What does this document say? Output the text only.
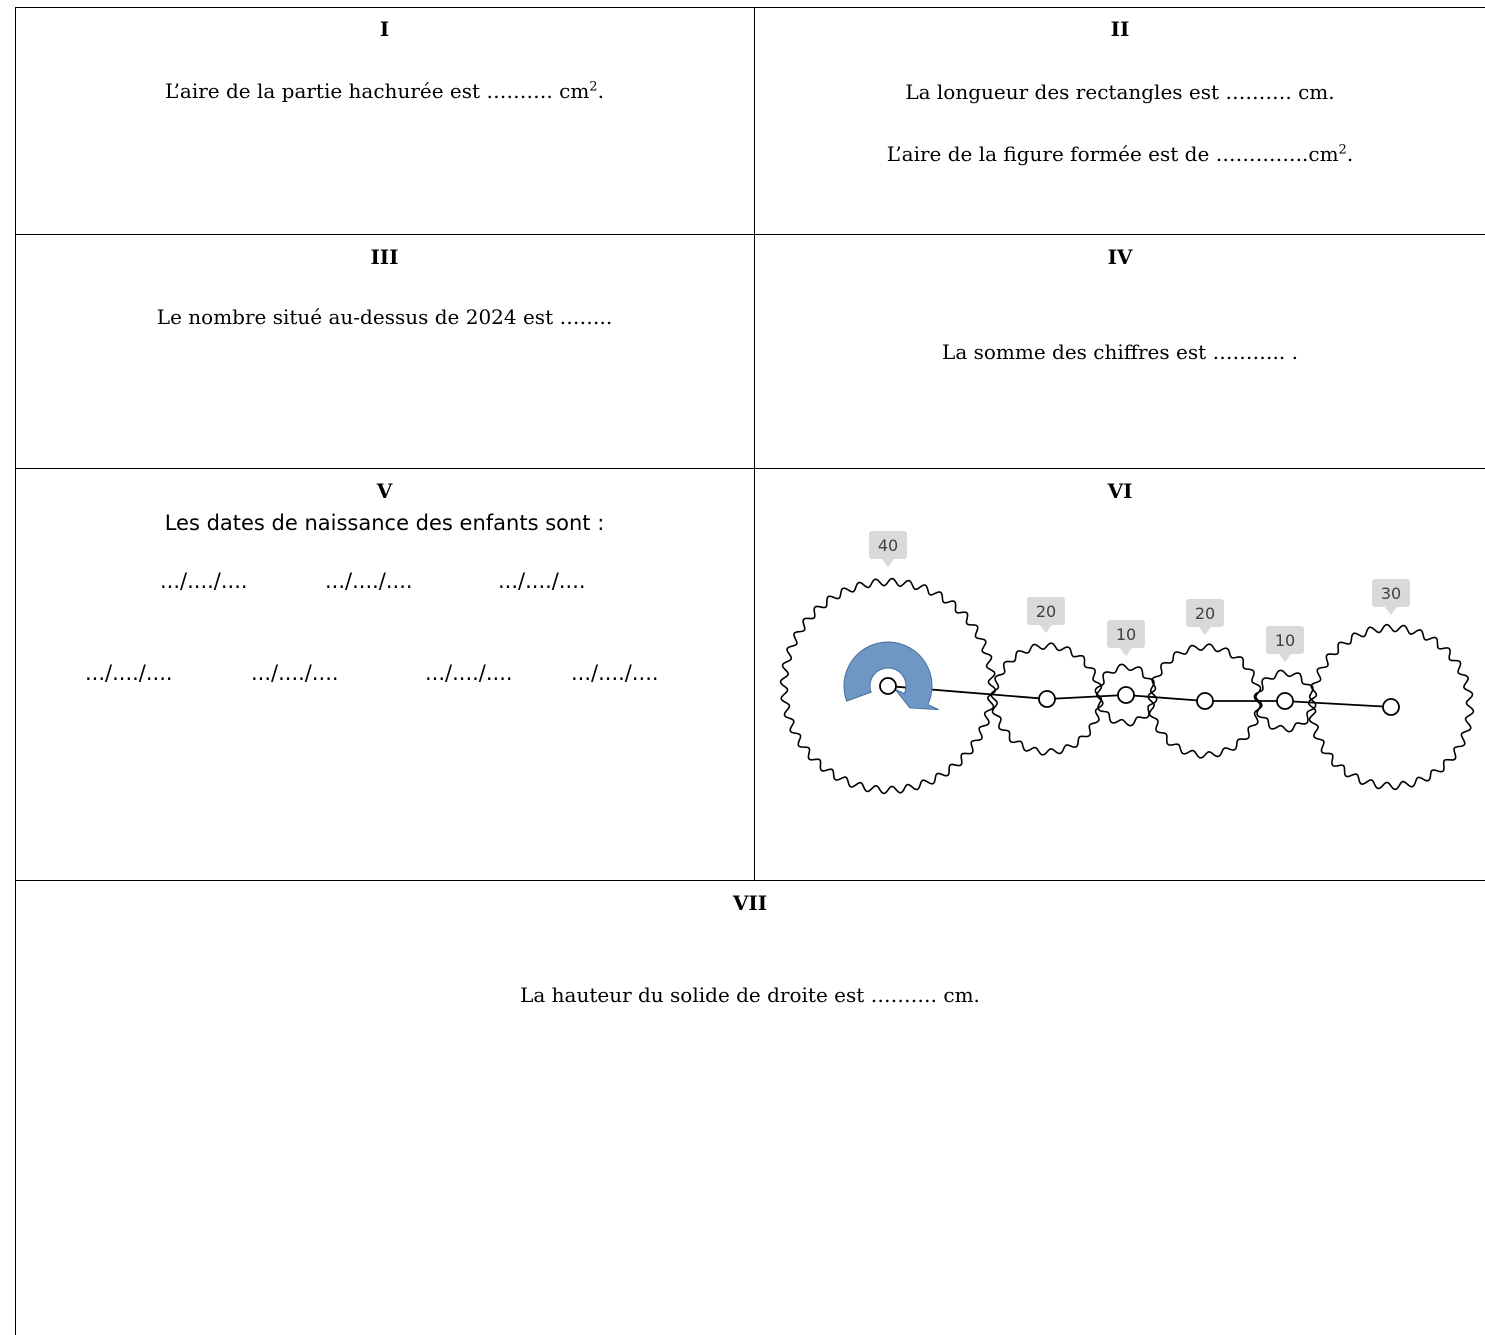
I
L’aire de la partie hachurée est ………. $cm^2$.
II
La longueur des rectangles est ………. cm.
L’aire de la figure formée est de $\dots\dots\dots\dots..cm^2$.
III
Le nombre situé au-dessus de 2024 est ……..
IV
La somme des chiffres est ……….. .
V
Les dates de naissance des enfants sont :
.../..../....	.../..../....	.../..../....
.../..../....	.../..../....	.../..../....	.../..../....
VI
VII
La hauteur du solide de droite est ………. cm.
40
20
10
20
10
30
